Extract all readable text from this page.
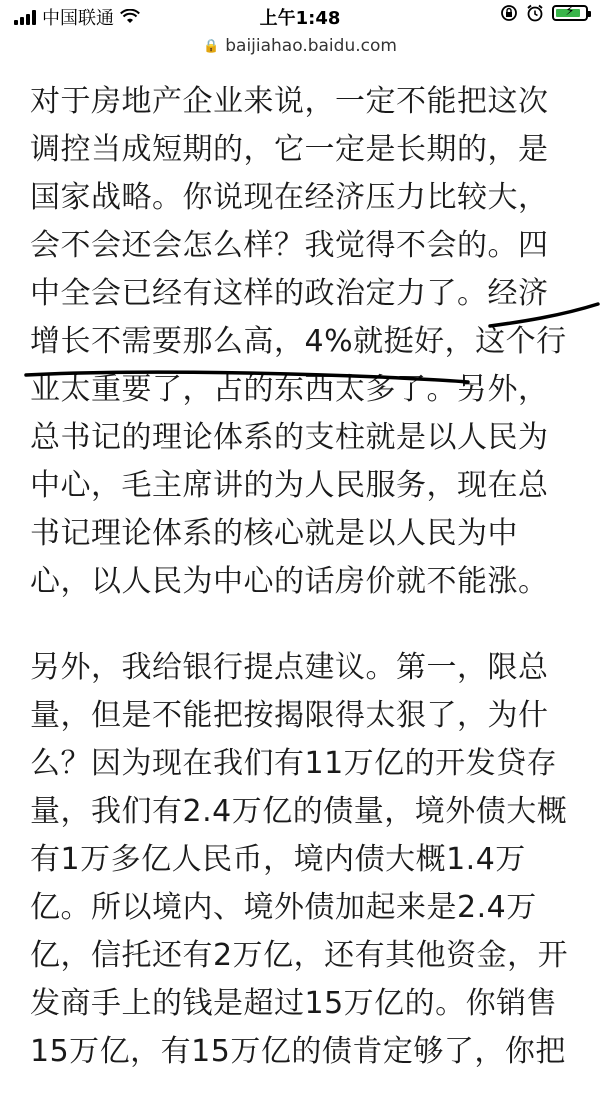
中国联通	上午1:48	⚡
🔒 baijiahao.baidu.com

对于房地产企业来说，一定不能把这次调控当成短期的，它一定是长期的，是国家战略。你说现在经济压力比较大，会不会还会怎么样？我觉得不会的。四中全会已经有这样的政治定力了。经济增长不需要那么高，4%就挺好，这个行业太重要了，占的东西太多了。另外，总书记的理论体系的支柱就是以人民为中心，毛主席讲的为人民服务，现在总书记理论体系的核心就是以人民为中心，以人民为中心的话房价就不能涨。

另外，我给银行提点建议。第一，限总量，但是不能把按揭限得太狠了，为什么？因为现在我们有11万亿的开发贷存量，我们有2.4万亿的债量，境外债大概有1万多亿人民币，境内债大概1.4万亿。所以境内、境外债加起来是2.4万亿，信托还有2万亿，还有其他资金，开发商手上的钱是超过15万亿的。你销售15万亿，有15万亿的债肯定够了，你把
